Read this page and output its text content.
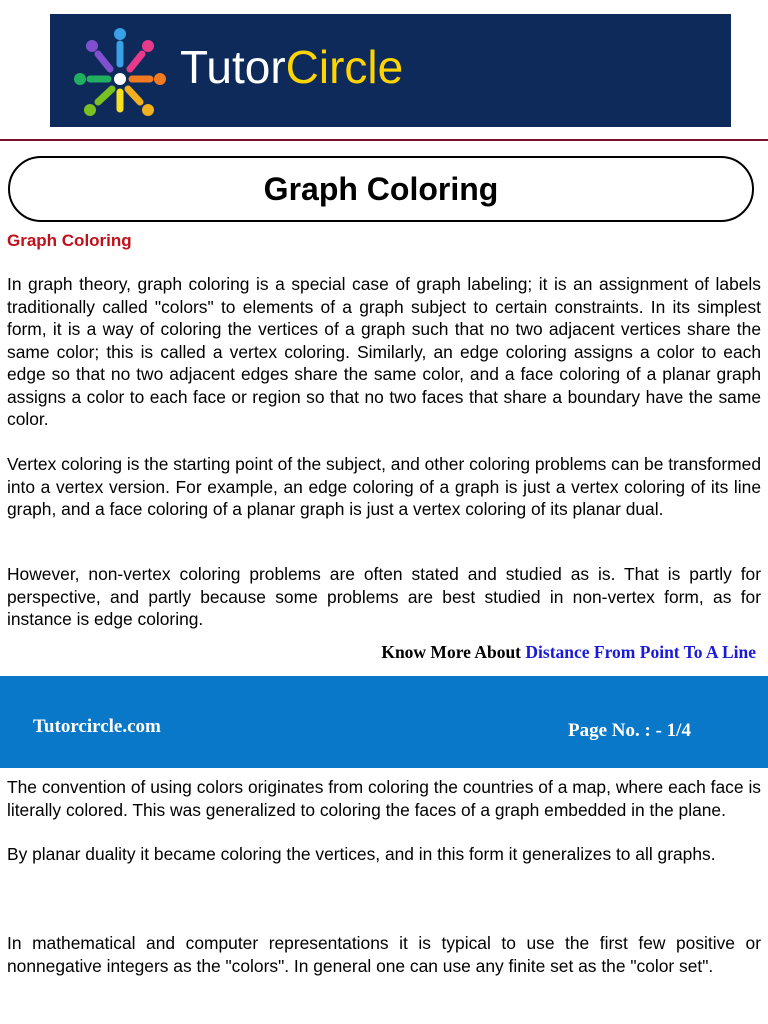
TutorCircle
Graph Coloring
Graph Coloring

In graph theory, graph coloring is a special case of graph labeling; it is an assignment of labels traditionally called "colors" to elements of a graph subject to certain constraints. In its simplest form, it is a way of coloring the vertices of a graph such that no two adjacent vertices share the same color; this is called a vertex coloring. Similarly, an edge coloring assigns a color to each edge so that no two adjacent edges share the same color, and a face coloring of a planar graph assigns a color to each face or region so that no two faces that share a boundary have the same color.

Vertex coloring is the starting point of the subject, and other coloring problems can be transformed into a vertex version. For example, an edge coloring of a graph is just a vertex coloring of its line graph, and a face coloring of a planar graph is just a vertex coloring of its planar dual.

However, non-vertex coloring problems are often stated and studied as is. That is partly for perspective, and partly because some problems are best studied in non-vertex form, as for instance is edge coloring.

Know More About Distance From Point To A Line
Tutorcircle.com	Page No. : - 1/4

The convention of using colors originates from coloring the countries of a map, where each face is literally colored. This was generalized to coloring the faces of a graph embedded in the plane.

By planar duality it became coloring the vertices, and in this form it generalizes to all graphs.

In mathematical and computer representations it is typical to use the first few positive or nonnegative integers as the "colors". In general one can use any finite set as the "color set".
